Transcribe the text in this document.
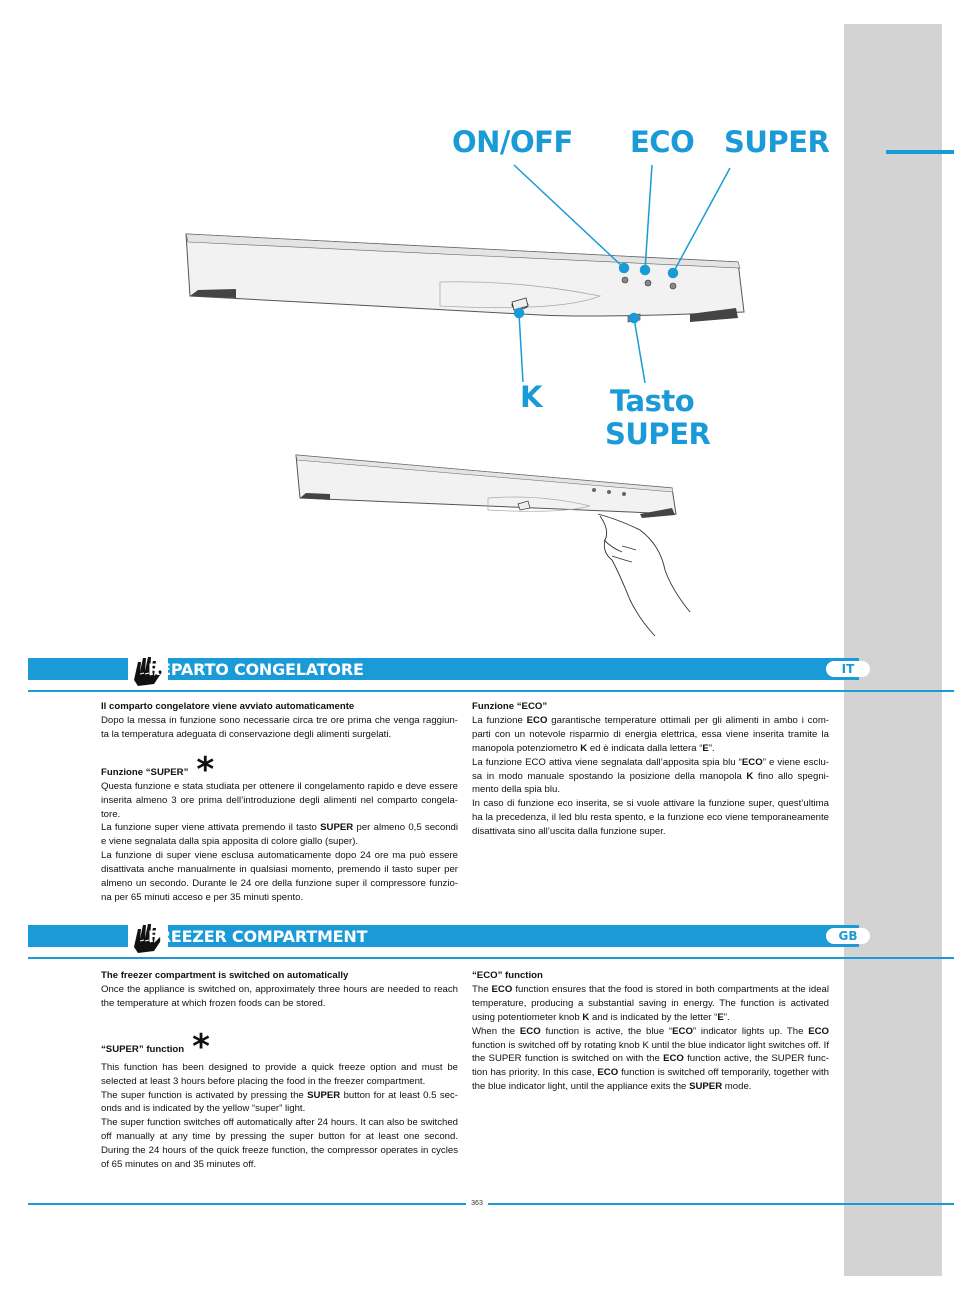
ON/OFF ECO SUPER
K Tasto
SUPER
REPARTO CONGELATORE	IT
Il comparto congelatore viene avviato automaticamente

Dopo la messa in funzione sono necessarie circa tre ore prima che venga raggiun-ta la temperatura adeguata di conservazione degli alimenti surgelati.

Funzione “SUPER” *

Questa funzione e stata studiata per ottenere il congelamento rapido e deve essere inserita almeno 3 ore prima dell’introduzione degli alimenti nel comparto congela-tore.

La funzione super viene attivata premendo il tasto SUPER per almeno 0,5 secondi e viene segnalata dalla spia apposita di colore giallo (super).

La funzione di super viene esclusa automaticamente dopo 24 ore ma può essere disattivata anche manualmente in qualsiasi momento, premendo il tasto super per almeno un secondo. Durante le 24 ore della funzione super il compressore funzio-na per 65 minuti acceso e per 35 minuti spento.

Funzione “ECO”

La funzione ECO garantische temperature ottimali per gli alimenti in ambo i com-parti con un notevole risparmio di energia elettrica, essa viene inserita tramite la manopola potenziometro K ed è indicata dalla lettera “E”.

La funzione ECO attiva viene segnalata dall’apposita spia blu “ECO” e viene esclu-sa in modo manuale spostando la posizione della manopola K fino allo spegni-mento della spia blu.

In caso di funzione eco inserita, se si vuole attivare la funzione super, quest’ultima ha la precedenza, il led blu resta spento, e la funzione eco viene temporaneamente disattivata sino all’uscita dalla funzione super.

FREEZER COMPARTMENT	GB
The freezer compartment is switched on automatically

Once the appliance is switched on, approximately three hours are needed to reach the temperature at which frozen foods can be stored.

“SUPER” function *

This function has been designed to provide a quick freeze option and must be selected at least 3 hours before placing the food in the freezer compartment.

The super function is activated by pressing the SUPER button for at least 0.5 sec-onds and is indicated by the yellow “super” light.

The super function switches off automatically after 24 hours. It can also be switched off manually at any time by pressing the super button for at least one second. During the 24 hours of the quick freeze function, the compressor operates in cycles of 65 minutes on and 35 minutes off.

“ECO” function

The ECO function ensures that the food is stored in both compartments at the ideal temperature, producing a substantial saving in energy. The function is activated using potentiometer knob K and is indicated by the letter “E”.

When the ECO function is active, the blue “ECO” indicator lights up. The ECO function is switched off by rotating knob K until the blue indicator light switches off. If the SUPER function is switched on with the ECO function active, the SUPER func-tion has priority. In this case, ECO function is switched off temporarily, together with the blue indicator light, until the appliance exits the SUPER mode.

363
